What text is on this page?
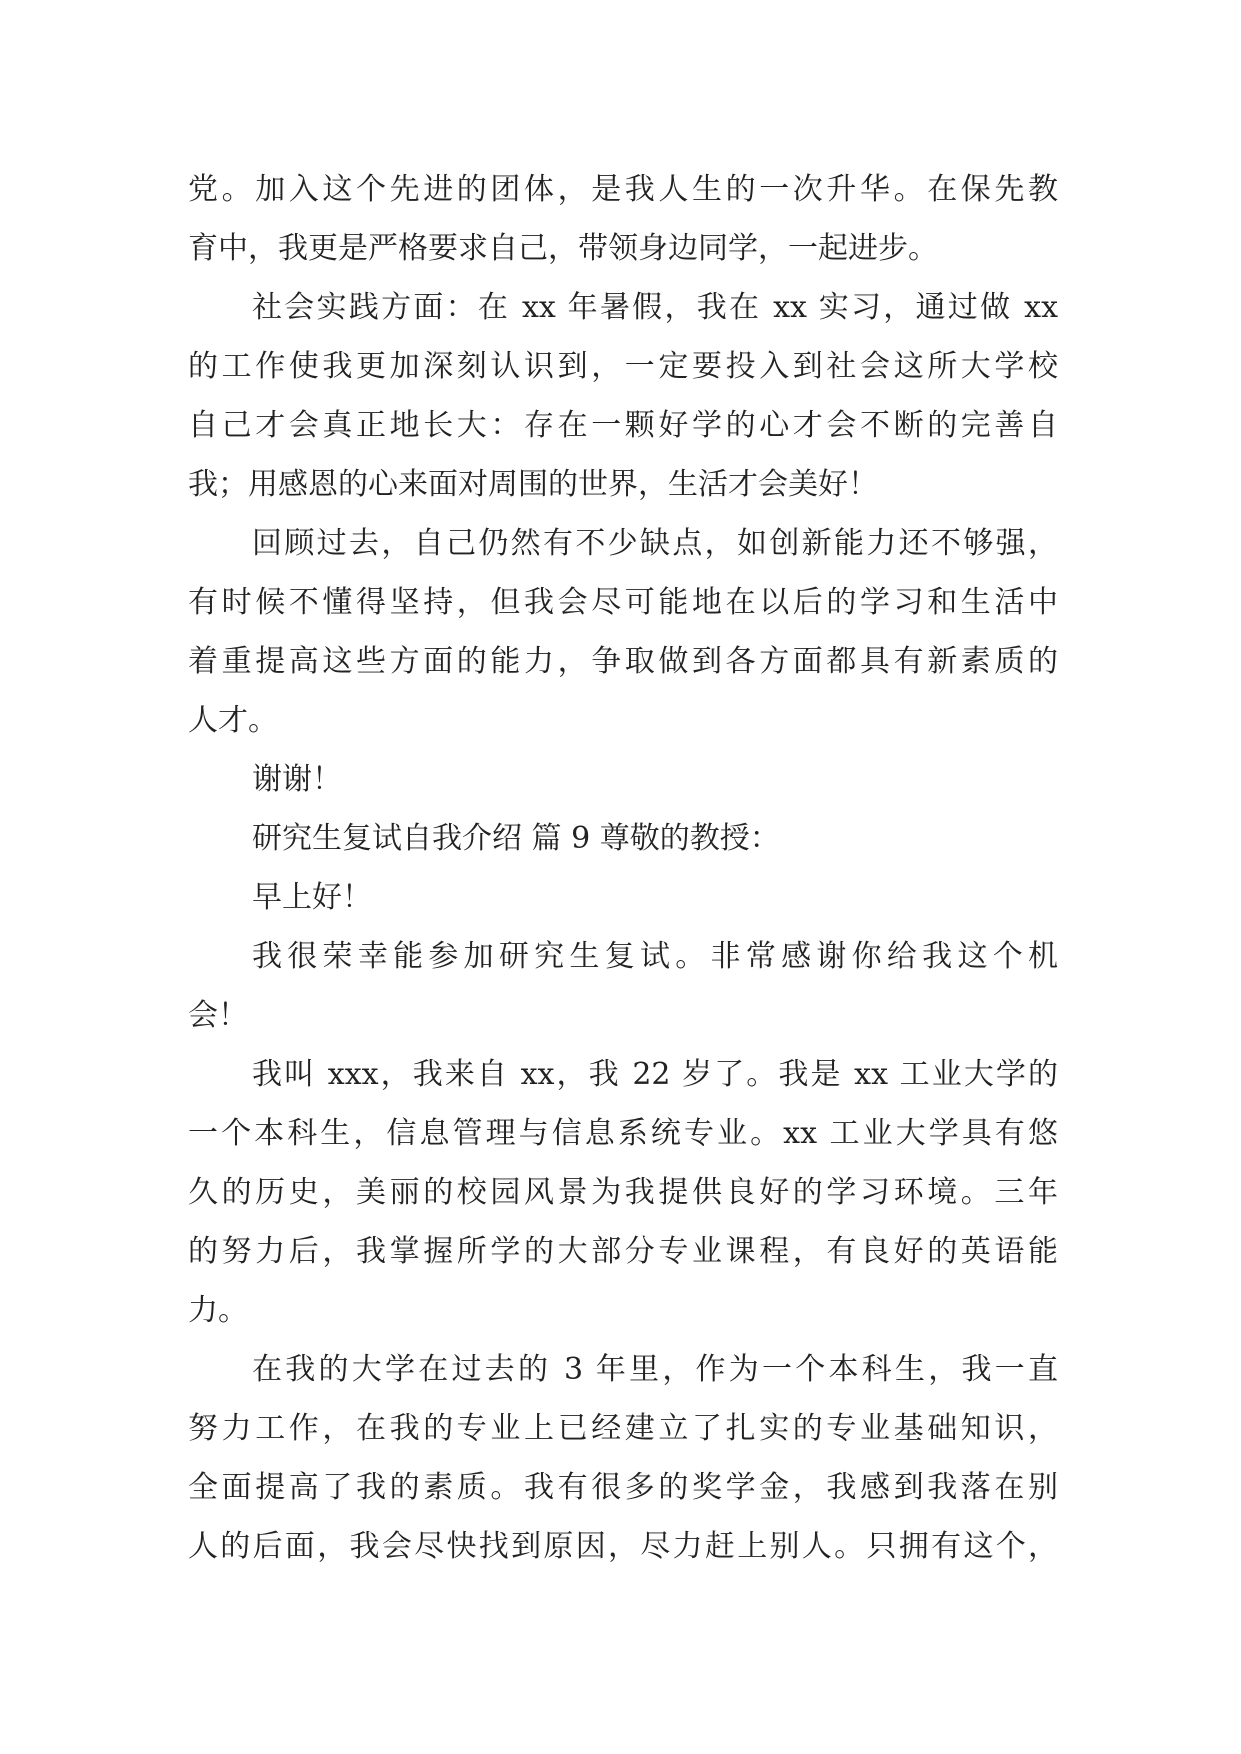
党。加入这个先进的团体，是我人生的一次升华。在保先教
育中，我更是严格要求自己，带领身边同学，一起进步。
社会实践方面：在 xx 年暑假，我在 xx 实习，通过做 xx
的工作使我更加深刻认识到，一定要投入到社会这所大学校
自己才会真正地长大：存在一颗好学的心才会不断的完善自
我；用感恩的心来面对周围的世界，生活才会美好！
回顾过去，自己仍然有不少缺点，如创新能力还不够强，
有时候不懂得坚持，但我会尽可能地在以后的学习和生活中
着重提高这些方面的能力，争取做到各方面都具有新素质的
人才。
谢谢！
研究生复试自我介绍 篇 9 尊敬的教授：
早上好！
我很荣幸能参加研究生复试。非常感谢你给我这个机
会！
我叫 xxx，我来自 xx，我 22 岁了。我是 xx 工业大学的
一个本科生，信息管理与信息系统专业。xx 工业大学具有悠
久的历史，美丽的校园风景为我提供良好的学习环境。三年
的努力后，我掌握所学的大部分专业课程，有良好的英语能
力。
在我的大学在过去的 3 年里，作为一个本科生，我一直
努力工作，在我的专业上已经建立了扎实的专业基础知识，
全面提高了我的素质。我有很多的奖学金，我感到我落在别
人的后面，我会尽快找到原因，尽力赶上别人。只拥有这个，
